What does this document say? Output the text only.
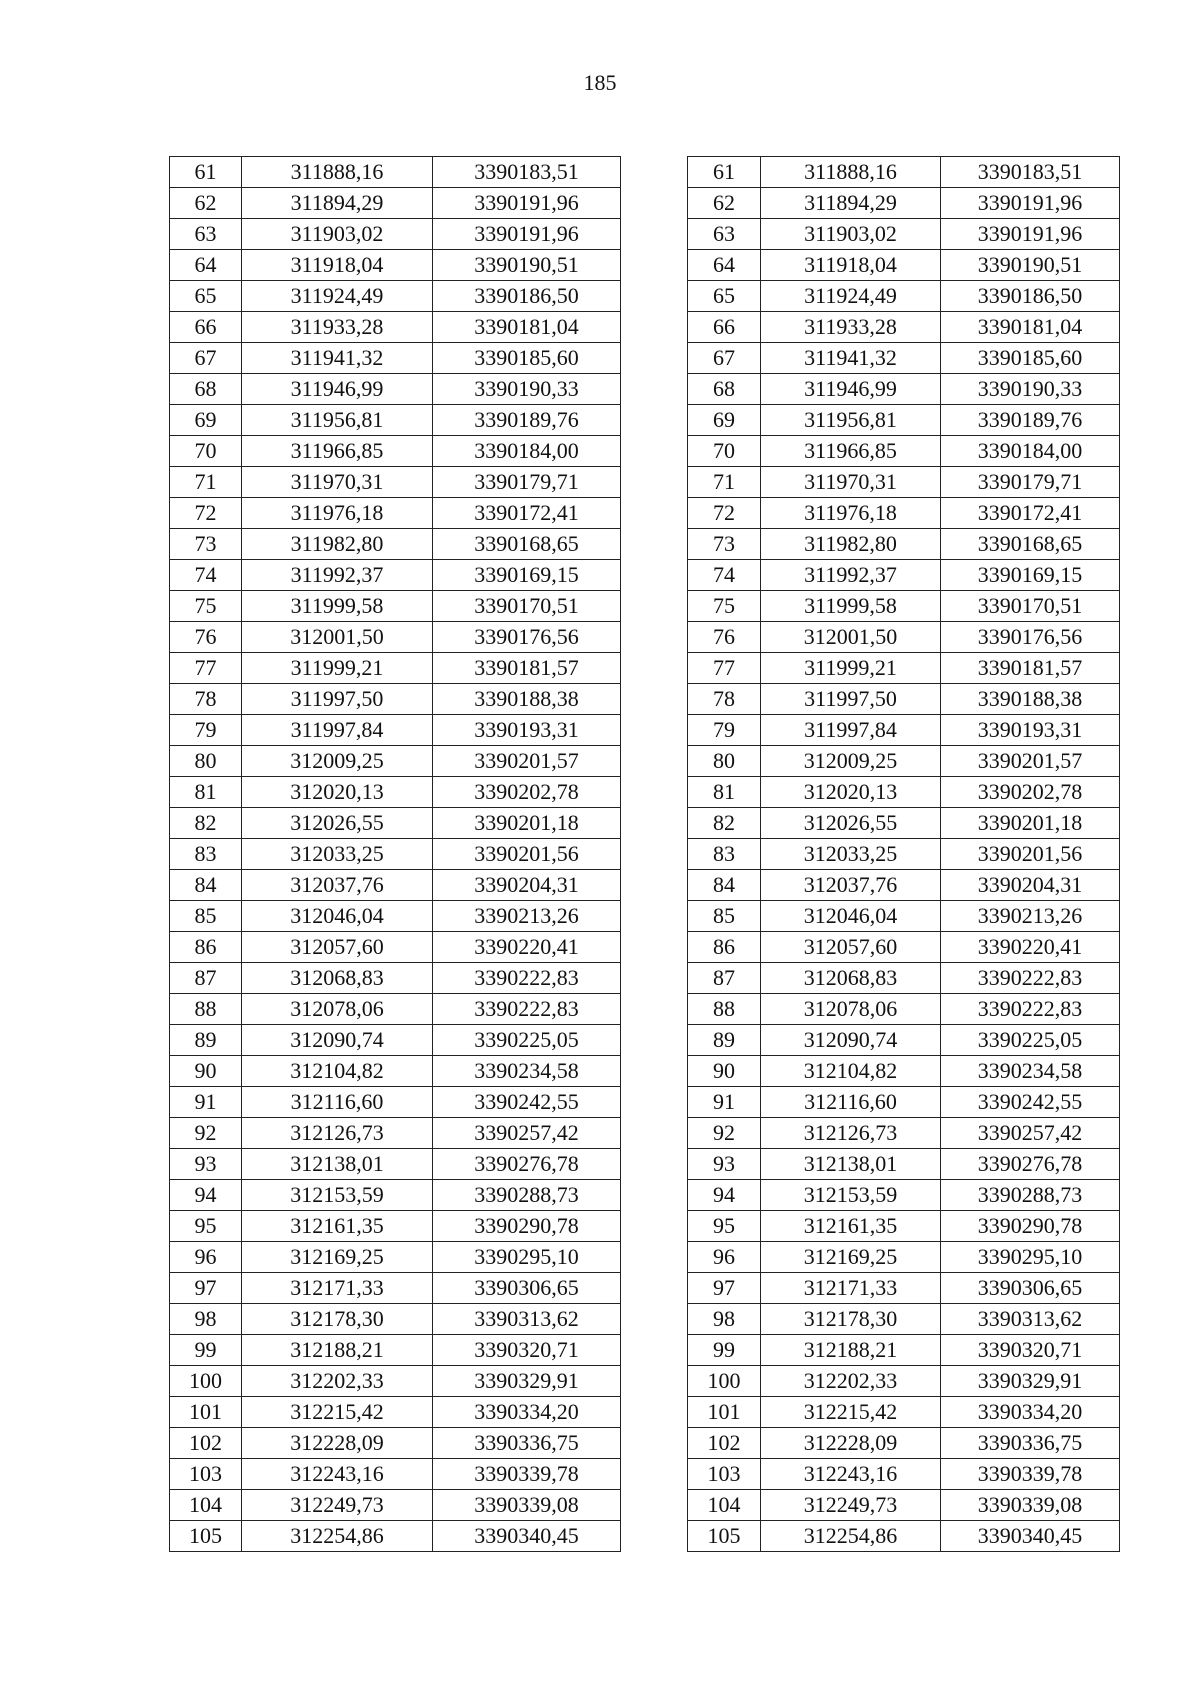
185
61	311888,16	3390183,51
62	311894,29	3390191,96
63	311903,02	3390191,96
64	311918,04	3390190,51
65	311924,49	3390186,50
66	311933,28	3390181,04
67	311941,32	3390185,60
68	311946,99	3390190,33
69	311956,81	3390189,76
70	311966,85	3390184,00
71	311970,31	3390179,71
72	311976,18	3390172,41
73	311982,80	3390168,65
74	311992,37	3390169,15
75	311999,58	3390170,51
76	312001,50	3390176,56
77	311999,21	3390181,57
78	311997,50	3390188,38
79	311997,84	3390193,31
80	312009,25	3390201,57
81	312020,13	3390202,78
82	312026,55	3390201,18
83	312033,25	3390201,56
84	312037,76	3390204,31
85	312046,04	3390213,26
86	312057,60	3390220,41
87	312068,83	3390222,83
88	312078,06	3390222,83
89	312090,74	3390225,05
90	312104,82	3390234,58
91	312116,60	3390242,55
92	312126,73	3390257,42
93	312138,01	3390276,78
94	312153,59	3390288,73
95	312161,35	3390290,78
96	312169,25	3390295,10
97	312171,33	3390306,65
98	312178,30	3390313,62
99	312188,21	3390320,71
100	312202,33	3390329,91
101	312215,42	3390334,20
102	312228,09	3390336,75
103	312243,16	3390339,78
104	312249,73	3390339,08
105	312254,86	3390340,45
61	311888,16	3390183,51
62	311894,29	3390191,96
63	311903,02	3390191,96
64	311918,04	3390190,51
65	311924,49	3390186,50
66	311933,28	3390181,04
67	311941,32	3390185,60
68	311946,99	3390190,33
69	311956,81	3390189,76
70	311966,85	3390184,00
71	311970,31	3390179,71
72	311976,18	3390172,41
73	311982,80	3390168,65
74	311992,37	3390169,15
75	311999,58	3390170,51
76	312001,50	3390176,56
77	311999,21	3390181,57
78	311997,50	3390188,38
79	311997,84	3390193,31
80	312009,25	3390201,57
81	312020,13	3390202,78
82	312026,55	3390201,18
83	312033,25	3390201,56
84	312037,76	3390204,31
85	312046,04	3390213,26
86	312057,60	3390220,41
87	312068,83	3390222,83
88	312078,06	3390222,83
89	312090,74	3390225,05
90	312104,82	3390234,58
91	312116,60	3390242,55
92	312126,73	3390257,42
93	312138,01	3390276,78
94	312153,59	3390288,73
95	312161,35	3390290,78
96	312169,25	3390295,10
97	312171,33	3390306,65
98	312178,30	3390313,62
99	312188,21	3390320,71
100	312202,33	3390329,91
101	312215,42	3390334,20
102	312228,09	3390336,75
103	312243,16	3390339,78
104	312249,73	3390339,08
105	312254,86	3390340,45
